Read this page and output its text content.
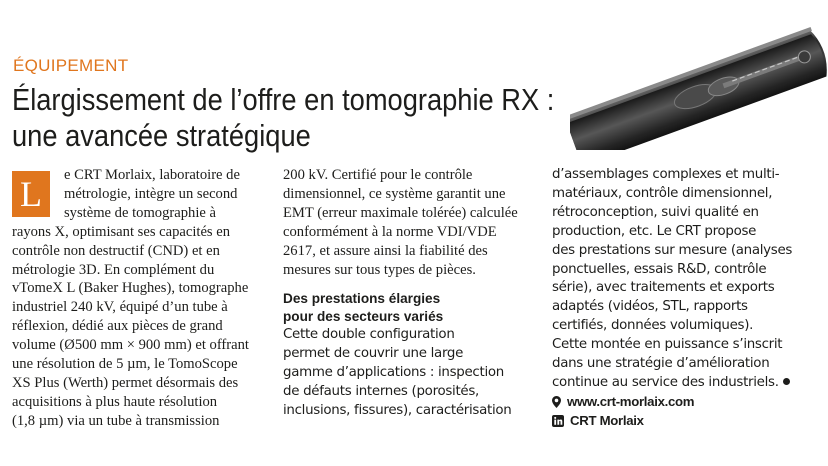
ÉQUIPEMENT
Élargissement de l’offre en tomographie RX :
une avancée stratégique
L	e CRT Morlaix, laboratoire de
métrologie, intègre un second
système de tomographie à
rayons X, optimisant ses capacités en
contrôle non destructif (CND) et en
métrologie 3D. En complément du
vTomeX L (Baker Hughes), tomographe
industriel 240 kV, équipé d’un tube à
réflexion, dédié aux pièces de grand
volume (Ø500 mm × 900 mm) et offrant
une résolution de 5 µm, le TomoScope
XS Plus (Werth) permet désormais des
acquisitions à plus haute résolution
(1,8 µm) via un tube à transmission
200 kV. Certifié pour le contrôle
dimensionnel, ce système garantit une
EMT (erreur maximale tolérée) calculée
conformément à la norme VDI/VDE
2617, et assure ainsi la fiabilité des
mesures sur tous types de pièces.
Des prestations élargies
pour des secteurs variés
Cette double configuration
permet de couvrir une large
gamme d’applications : inspection
de défauts internes (porosités,
inclusions, fissures), caractérisation
d’assemblages complexes et multi-
matériaux, contrôle dimensionnel,
rétroconception, suivi qualité en
production, etc. Le CRT propose
des prestations sur mesure (analyses
ponctuelles, essais R&D, contrôle
série), avec traitements et exports
adaptés (vidéos, STL, rapports
certifiés, données volumiques).
Cette montée en puissance s’inscrit
dans une stratégie d’amélioration
continue au service des industriels.
www.crt-morlaix.com
CRT Morlaix
